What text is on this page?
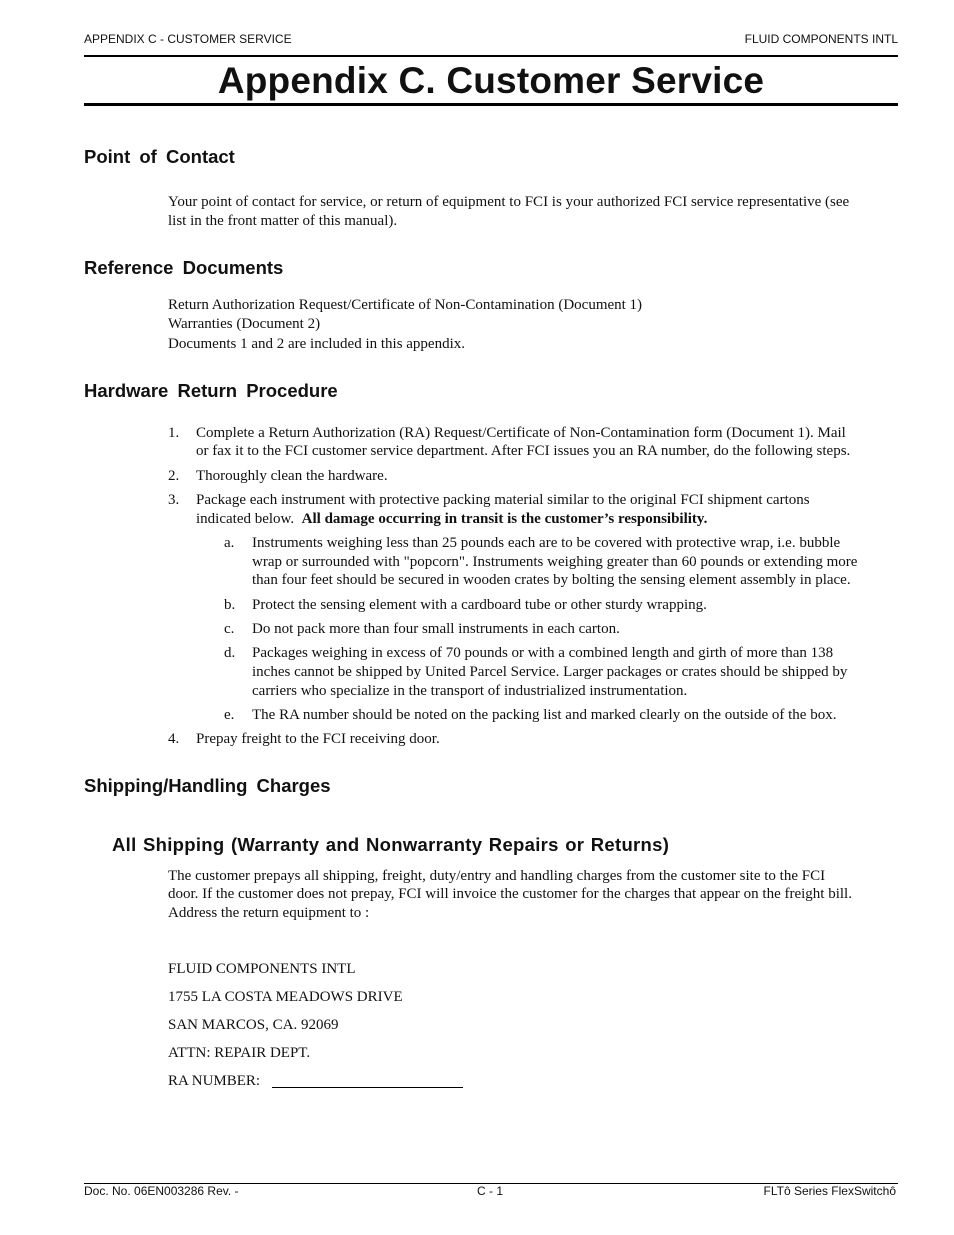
APPENDIX C - CUSTOMER SERVICE	FLUID COMPONENTS INTL
Appendix C. Customer Service
Point of Contact
Your point of contact for service, or return of equipment to FCI is your authorized FCI service representative (see
list in the front matter of this manual).
Reference Documents
Return Authorization Request/Certificate of Non-Contamination (Document 1)
Warranties (Document 2)
Documents 1 and 2 are included in this appendix.
Hardware Return Procedure
1. Complete a Return Authorization (RA) Request/Certificate of Non-Contamination form (Document 1). Mail
or fax it to the FCI customer service department. After FCI issues you an RA number, do the following steps.
2. Thoroughly clean the hardware.
3. Package each instrument with protective packing material similar to the original FCI shipment cartons
indicated below.  All damage occurring in transit is the customer’s responsibility.
a. Instruments weighing less than 25 pounds each are to be covered with protective wrap, i.e. bubble
wrap or surrounded with "popcorn". Instruments weighing greater than 60 pounds or extending more
than four feet should be secured in wooden crates by bolting the sensing element assembly in place.
b. Protect the sensing element with a cardboard tube or other sturdy wrapping.
c. Do not pack more than four small instruments in each carton.
d. Packages weighing in excess of 70 pounds or with a combined length and girth of more than 138
inches cannot be shipped by United Parcel Service. Larger packages or crates should be shipped by
carriers who specialize in the transport of industrialized instrumentation.
e. The RA number should be noted on the packing list and marked clearly on the outside of the box.
4. Prepay freight to the FCI receiving door.
Shipping/Handling Charges
All Shipping (Warranty and Nonwarranty Repairs or Returns)
The customer prepays all shipping, freight, duty/entry and handling charges from the customer site to the FCI
door. If the customer does not prepay, FCI will invoice the customer for the charges that appear on the freight bill.
Address the return equipment to :
FLUID COMPONENTS INTL
1755 LA COSTA MEADOWS DRIVE
SAN MARCOS, CA. 92069
ATTN: REPAIR DEPT.
RA NUMBER:
Doc. No. 06EN003286 Rev. -	C - 1	FLTô Series FlexSwitchô
